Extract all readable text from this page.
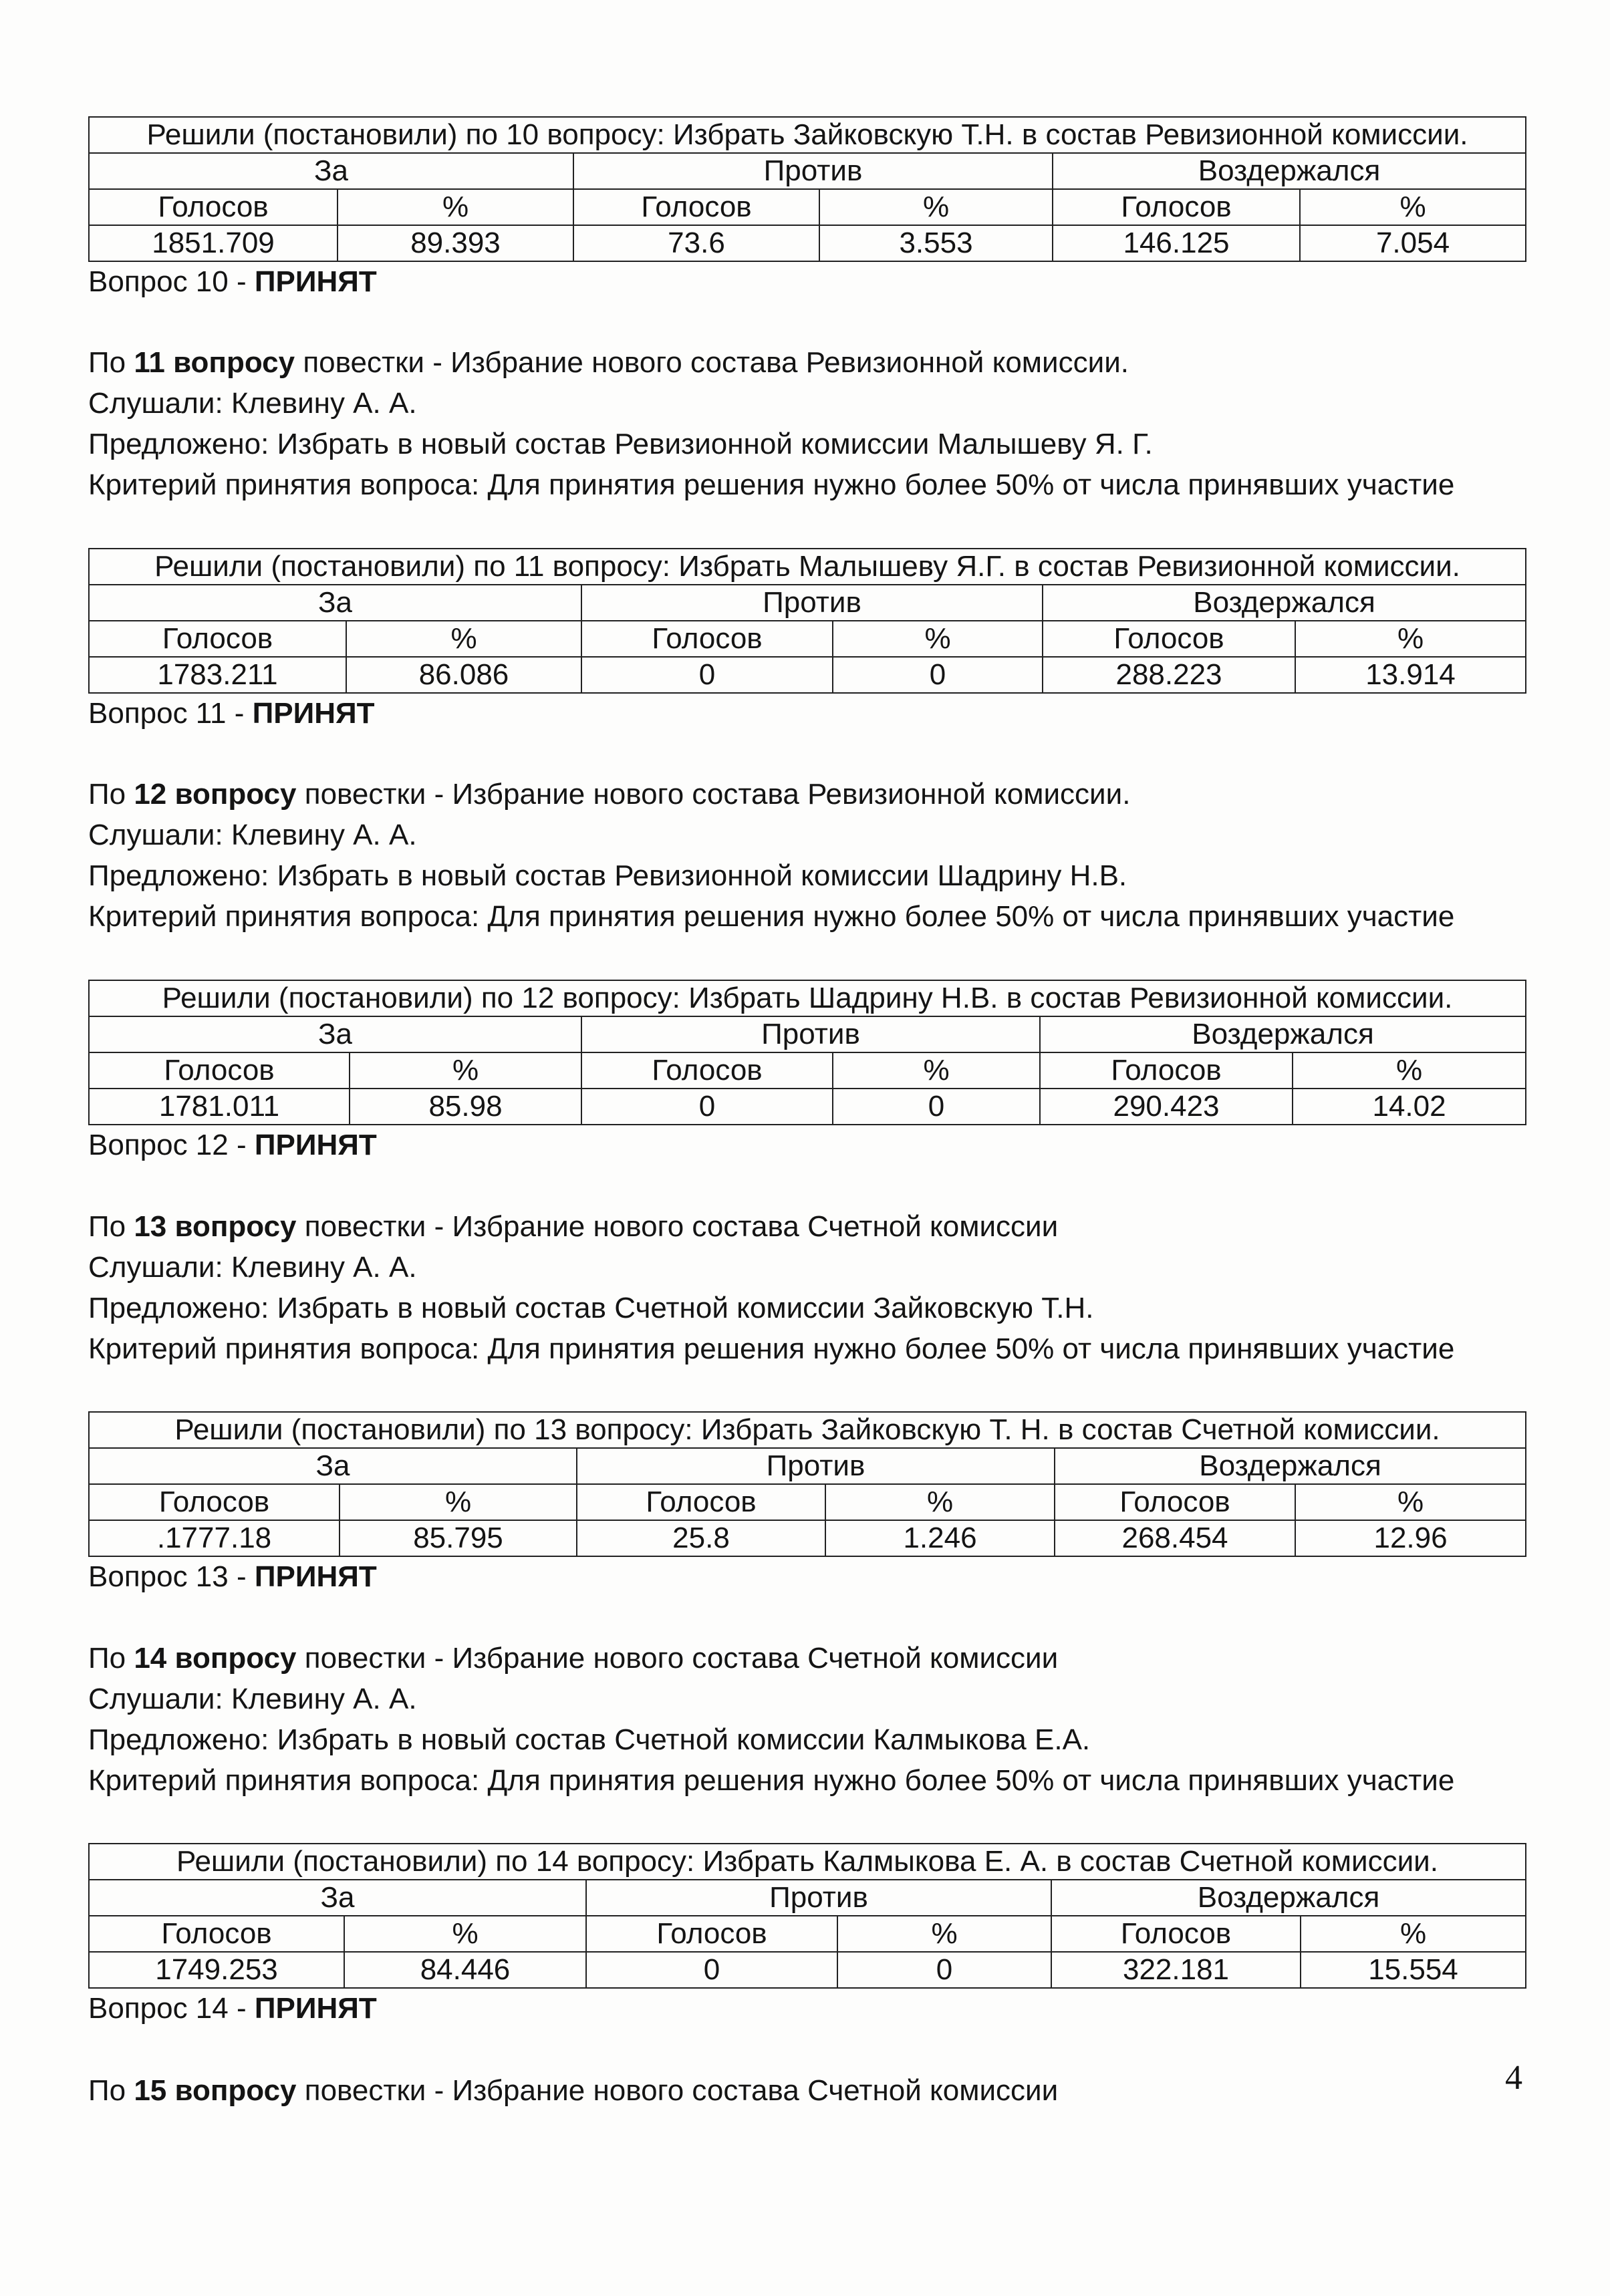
Решили (постановили) по 10 вопросу: Избрать Зайковскую Т.Н. в состав Ревизионной комиссии.					
За		Против		Воздержался	
Голосов	%	Голосов	%	Голосов	%
1851.709	89.393	73.6	3.553	146.125	7.054
Вопрос 10 - ПРИНЯТ

По 11 вопросу повестки - Избрание нового состава Ревизионной комиссии.

Слушали: Клевину А. А.

Предложено: Избрать в новый состав Ревизионной комиссии Малышеву Я. Г.

Критерий принятия вопроса: Для принятия решения нужно более 50% от числа принявших участие

Решили (постановили) по 11 вопросу: Избрать Малышеву Я.Г. в состав Ревизионной комиссии.					
За		Против		Воздержался	
Голосов	%	Голосов	%	Голосов	%
1783.211	86.086	0	0	288.223	13.914
Вопрос 11 - ПРИНЯТ

По 12 вопросу повестки - Избрание нового состава Ревизионной комиссии.

Слушали: Клевину А. А.

Предложено: Избрать в новый состав Ревизионной комиссии Шадрину Н.В.

Критерий принятия вопроса: Для принятия решения нужно более 50% от числа принявших участие

Решили (постановили) по 12 вопросу: Избрать Шадрину Н.В. в состав Ревизионной комиссии.					
За		Против		Воздержался	
Голосов	%	Голосов	%	Голосов	%
1781.011	85.98	0	0	290.423	14.02
Вопрос 12 - ПРИНЯТ

По 13 вопросу повестки - Избрание нового состава Счетной комиссии

Слушали: Клевину А. А.

Предложено: Избрать в новый состав Счетной комиссии Зайковскую Т.Н.

Критерий принятия вопроса: Для принятия решения нужно более 50% от числа принявших участие

Решили (постановили) по 13 вопросу: Избрать Зайковскую Т. Н. в состав Счетной комиссии.					
За		Против		Воздержался	
Голосов	%	Голосов	%	Голосов	%
.1777.18	85.795	25.8	1.246	268.454	12.96
Вопрос 13 - ПРИНЯТ

По 14 вопросу повестки - Избрание нового состава Счетной комиссии

Слушали: Клевину А. А.

Предложено: Избрать в новый состав Счетной комиссии Калмыкова Е.А.

Критерий принятия вопроса: Для принятия решения нужно более 50% от числа принявших участие

Решили (постановили) по 14 вопросу: Избрать Калмыкова Е. А. в состав Счетной комиссии.					
За		Против		Воздержался	
Голосов	%	Голосов	%	Голосов	%
1749.253	84.446	0	0	322.181	15.554
Вопрос 14 - ПРИНЯТ

По 15 вопросу повестки - Избрание нового состава Счетной комиссии	4
